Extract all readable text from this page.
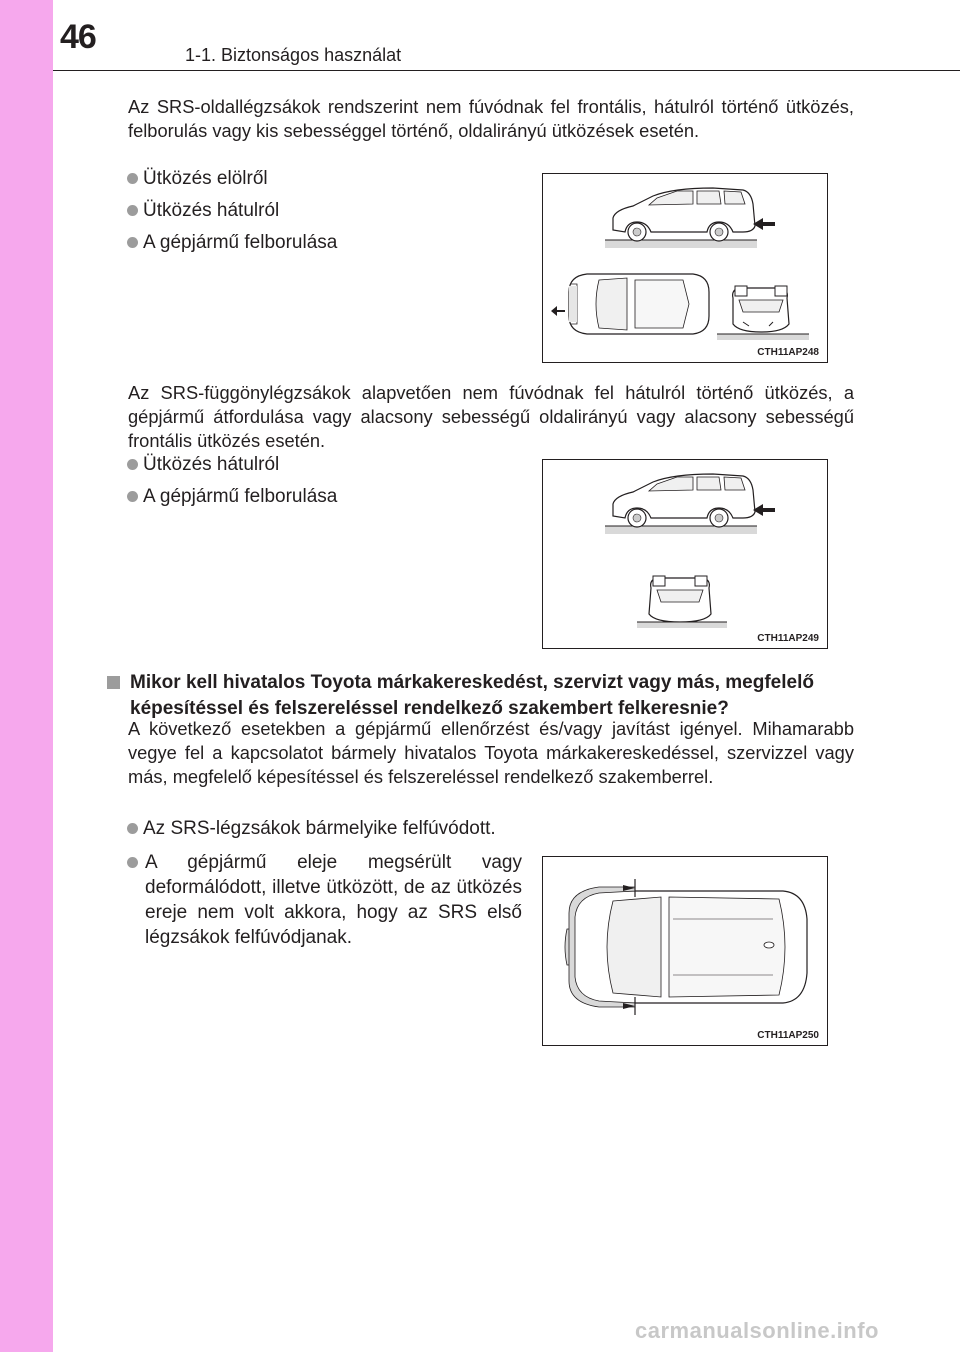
46	1-1. Biztonságos használat
Az SRS-oldallégzsákok rendszerint nem fúvódnak fel frontális, hátulról történő ütközés, felborulás vagy kis sebességgel történő, oldalirányú ütközések esetén.
Ütközés elölről
Ütközés hátulról
A gépjármű felborulása
CTH11AP248
Az SRS-függönylégzsákok alapvetően nem fúvódnak fel hátulról történő ütközés, a gépjármű átfordulása vagy alacsony sebességű oldalirányú vagy alacsony sebességű frontális ütközés esetén.
Ütközés hátulról
A gépjármű felborulása
CTH11AP249
Mikor kell hivatalos Toyota márkakereskedést, szervizt vagy más, megfelelő képesítéssel és felszereléssel rendelkező szakembert felkeresnie?
A következő esetekben a gépjármű ellenőrzést és/vagy javítást igényel. Mihamarabb vegye fel a kapcsolatot bármely hivatalos Toyota márkakereskedéssel, szervizzel vagy más, megfelelő képesítéssel és felszereléssel rendelkező szakemberrel.
Az SRS-légzsákok bármelyike felfúvódott.
A gépjármű eleje megsérült vagy deformálódott, illetve ütközött, de az ütközés ereje nem volt akkora, hogy az SRS első légzsákok felfúvódjanak.
CTH11AP250
carmanualsonline.info
